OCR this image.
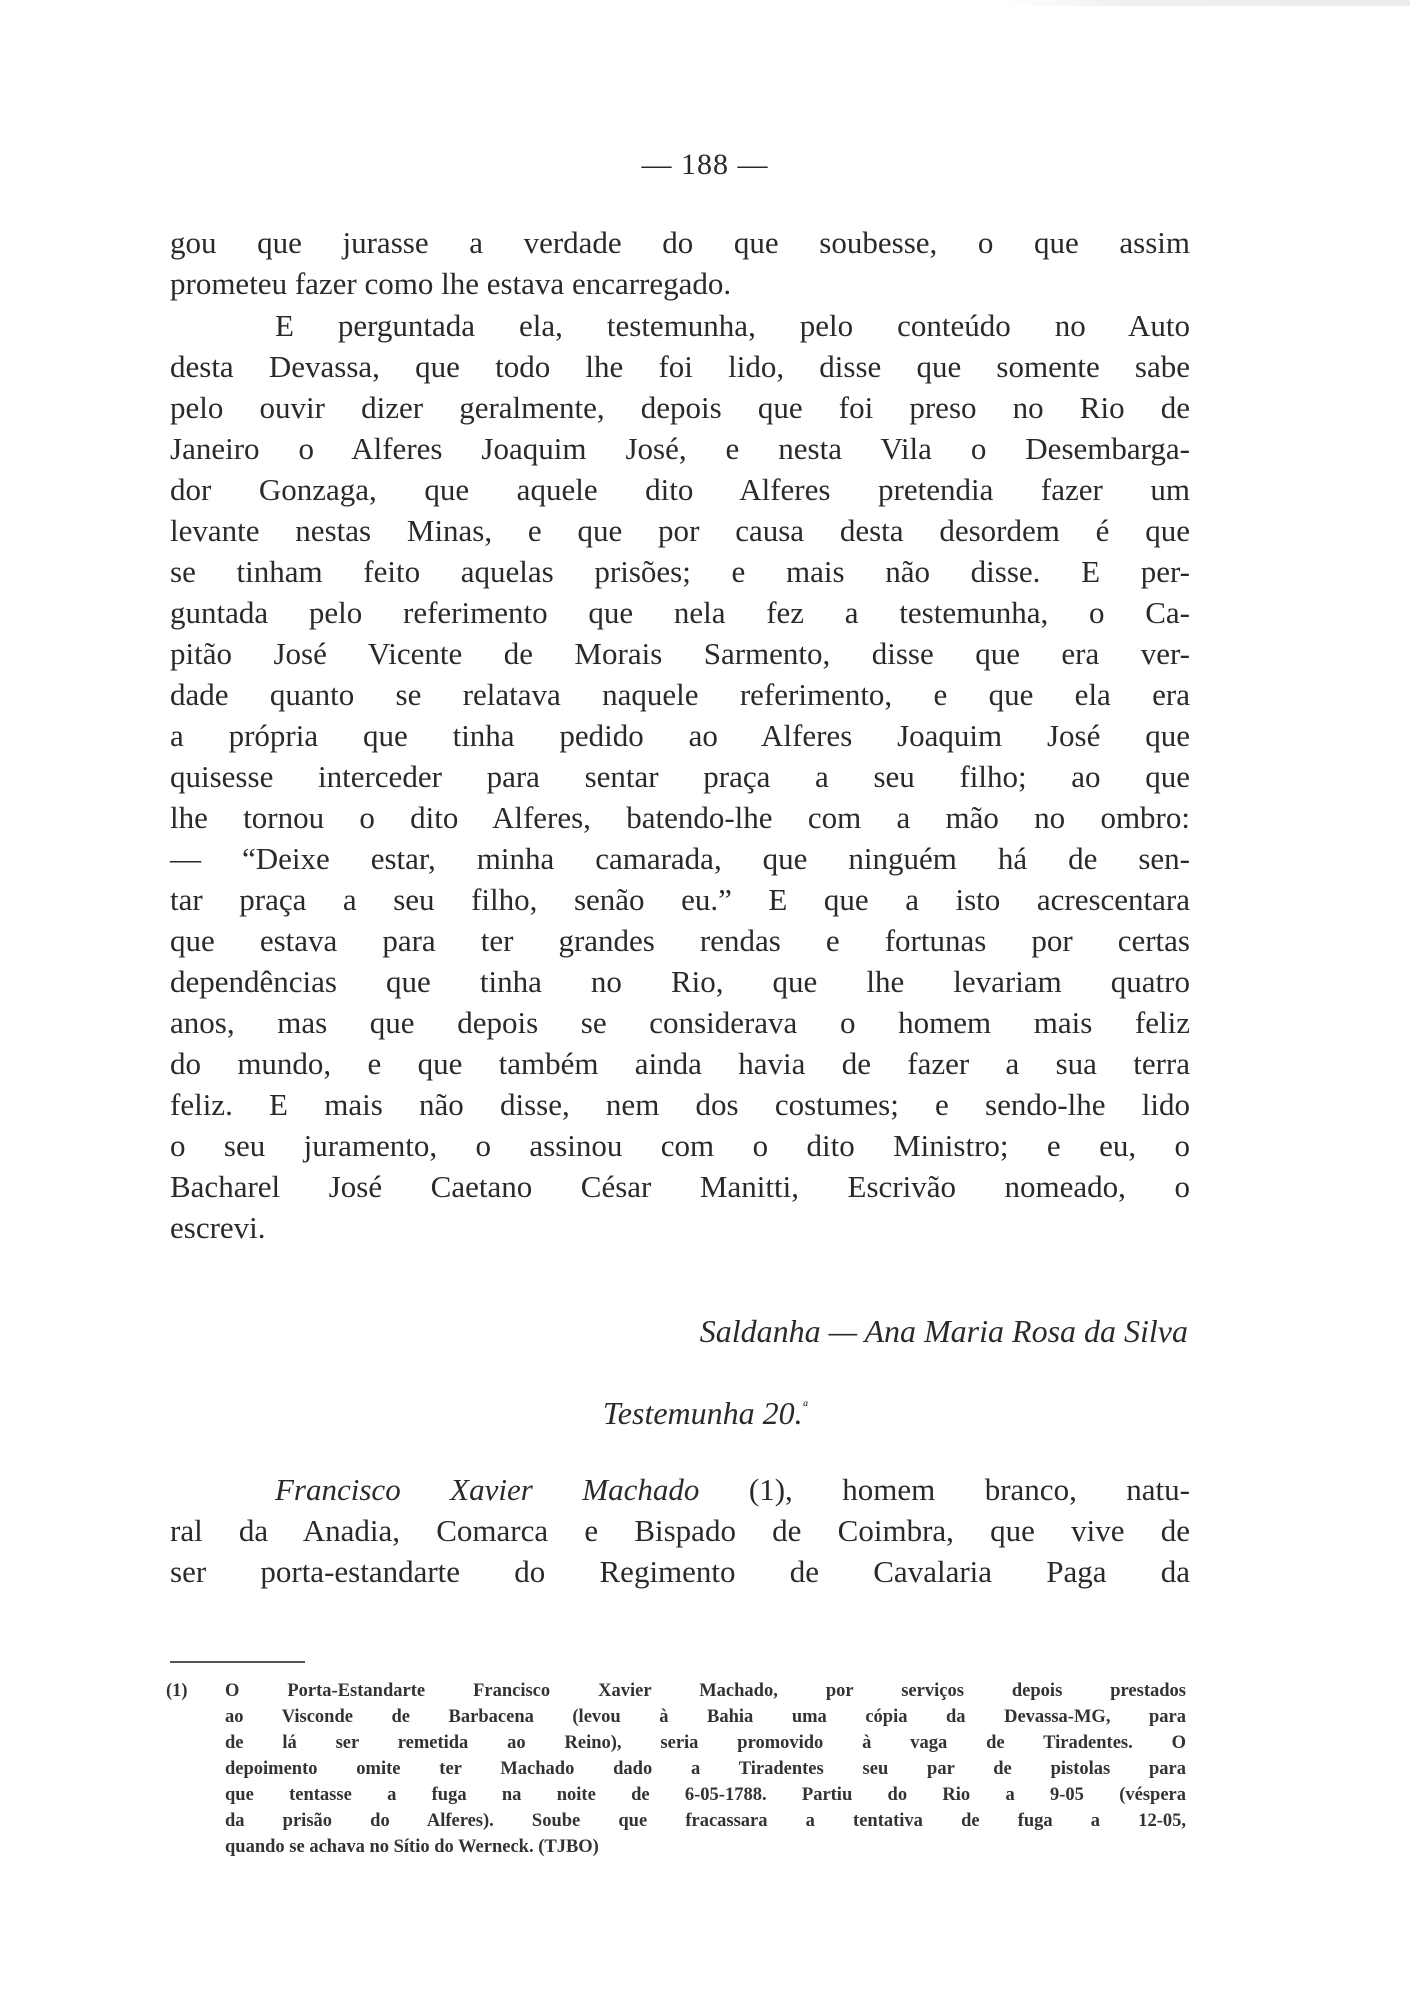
— 188 —
gou que jurasse a verdade do que soubesse, o que assim
prometeu fazer como lhe estava encarregado.
E perguntada ela, testemunha, pelo conteúdo no Auto
desta Devassa, que todo lhe foi lido, disse que somente sabe
pelo ouvir dizer geralmente, depois que foi preso no Rio de
Janeiro o Alferes Joaquim José, e nesta Vila o Desembarga-
dor Gonzaga, que aquele dito Alferes pretendia fazer um
levante nestas Minas, e que por causa desta desordem é que
se tinham feito aquelas prisões; e mais não disse. E per-
guntada pelo referimento que nela fez a testemunha, o Ca-
pitão José Vicente de Morais Sarmento, disse que era ver-
dade quanto se relatava naquele referimento, e que ela era
a própria que tinha pedido ao Alferes Joaquim José que
quisesse interceder para sentar praça a seu filho; ao que
lhe tornou o dito Alferes, batendo-lhe com a mão no ombro:
— “Deixe estar, minha camarada, que ninguém há de sen-
tar praça a seu filho, senão eu.” E que a isto acrescentara
que estava para ter grandes rendas e fortunas por certas
dependências que tinha no Rio, que lhe levariam quatro
anos, mas que depois se considerava o homem mais feliz
do mundo, e que também ainda havia de fazer a sua terra
feliz. E mais não disse, nem dos costumes; e sendo-lhe lido
o seu juramento, o assinou com o dito Ministro; e eu, o
Bacharel José Caetano César Manitti, Escrivão nomeado, o
escrevi.
Saldanha — Ana Maria Rosa da Silva
Testemunha 20.$^ª$
Francisco Xavier Machado (1), homem branco, natu-
ral da Anadia, Comarca e Bispado de Coimbra, que vive de
ser porta-estandarte do Regimento de Cavalaria Paga da
(1) O Porta-Estandarte Francisco Xavier Machado, por serviços depois prestados
ao Visconde de Barbacena (levou à Bahia uma cópia da Devassa-MG, para
de lá ser remetida ao Reino), seria promovido à vaga de Tiradentes. O
depoimento omite ter Machado dado a Tiradentes seu par de pistolas para
que tentasse a fuga na noite de 6-05-1788. Partiu do Rio a 9-05 (véspera
da prisão do Alferes). Soube que fracassara a tentativa de fuga a 12-05,
quando se achava no Sítio do Werneck. (TJBO)
